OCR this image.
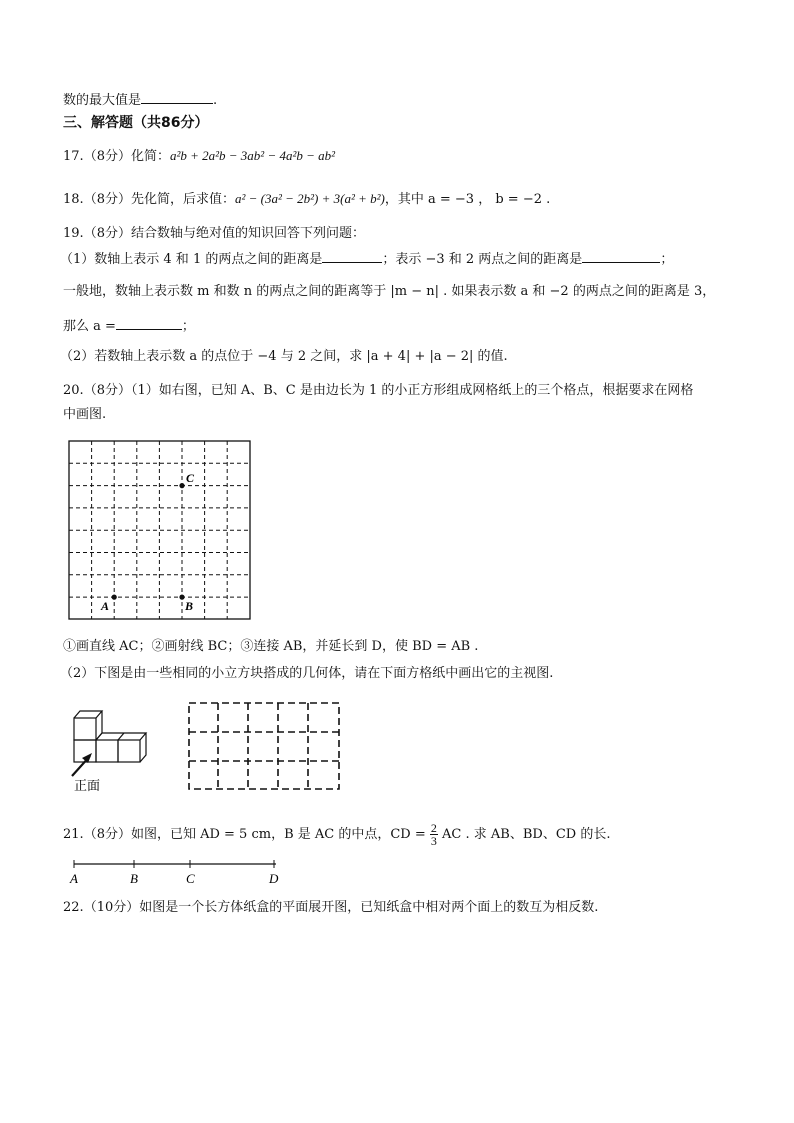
数的最大值是	.
三、解答题（共86分）
17.（8分）化简：a²b + 2a²b − 3ab² − 4a²b − ab²
18.（8分）先化简，后求值：a² − (3a² − 2b²) + 3(a² + b²)，其中 a = −3 ， b = −2 .
19.（8分）结合数轴与绝对值的知识回答下列问题：
（1）数轴上表示 4 和 1 的两点之间的距离是	；表示 −3 和 2 两点之间的距离是	；
一般地，数轴上表示数 m 和数 n 的两点之间的距离等于 |m − n| . 如果表示数 a 和 −2 的两点之间的距离是 3，
那么 a =	；
（2）若数轴上表示数 a 的点位于 −4 与 2 之间，求 |a + 4| + |a − 2| 的值.
20.（8分）（1）如右图，已知 A、B、C 是由边长为 1 的小正方形组成网格纸上的三个格点，根据要求在网格
中画图.
C
A	B
①画直线 AC；②画射线 BC；③连接 AB，并延长到 D，使 BD = AB .
（2）下图是由一些相同的小立方块搭成的几何体，请在下面方格纸中画出它的主视图.
正面
21.（8分）如图，已知 AD = 5 cm，B 是 AC 的中点，CD = $\frac{2}{3}$ AC . 求 AB、BD、CD 的长.
A	B	C	D
22.（10分）如图是一个长方体纸盒的平面展开图，已知纸盒中相对两个面上的数互为相反数.
